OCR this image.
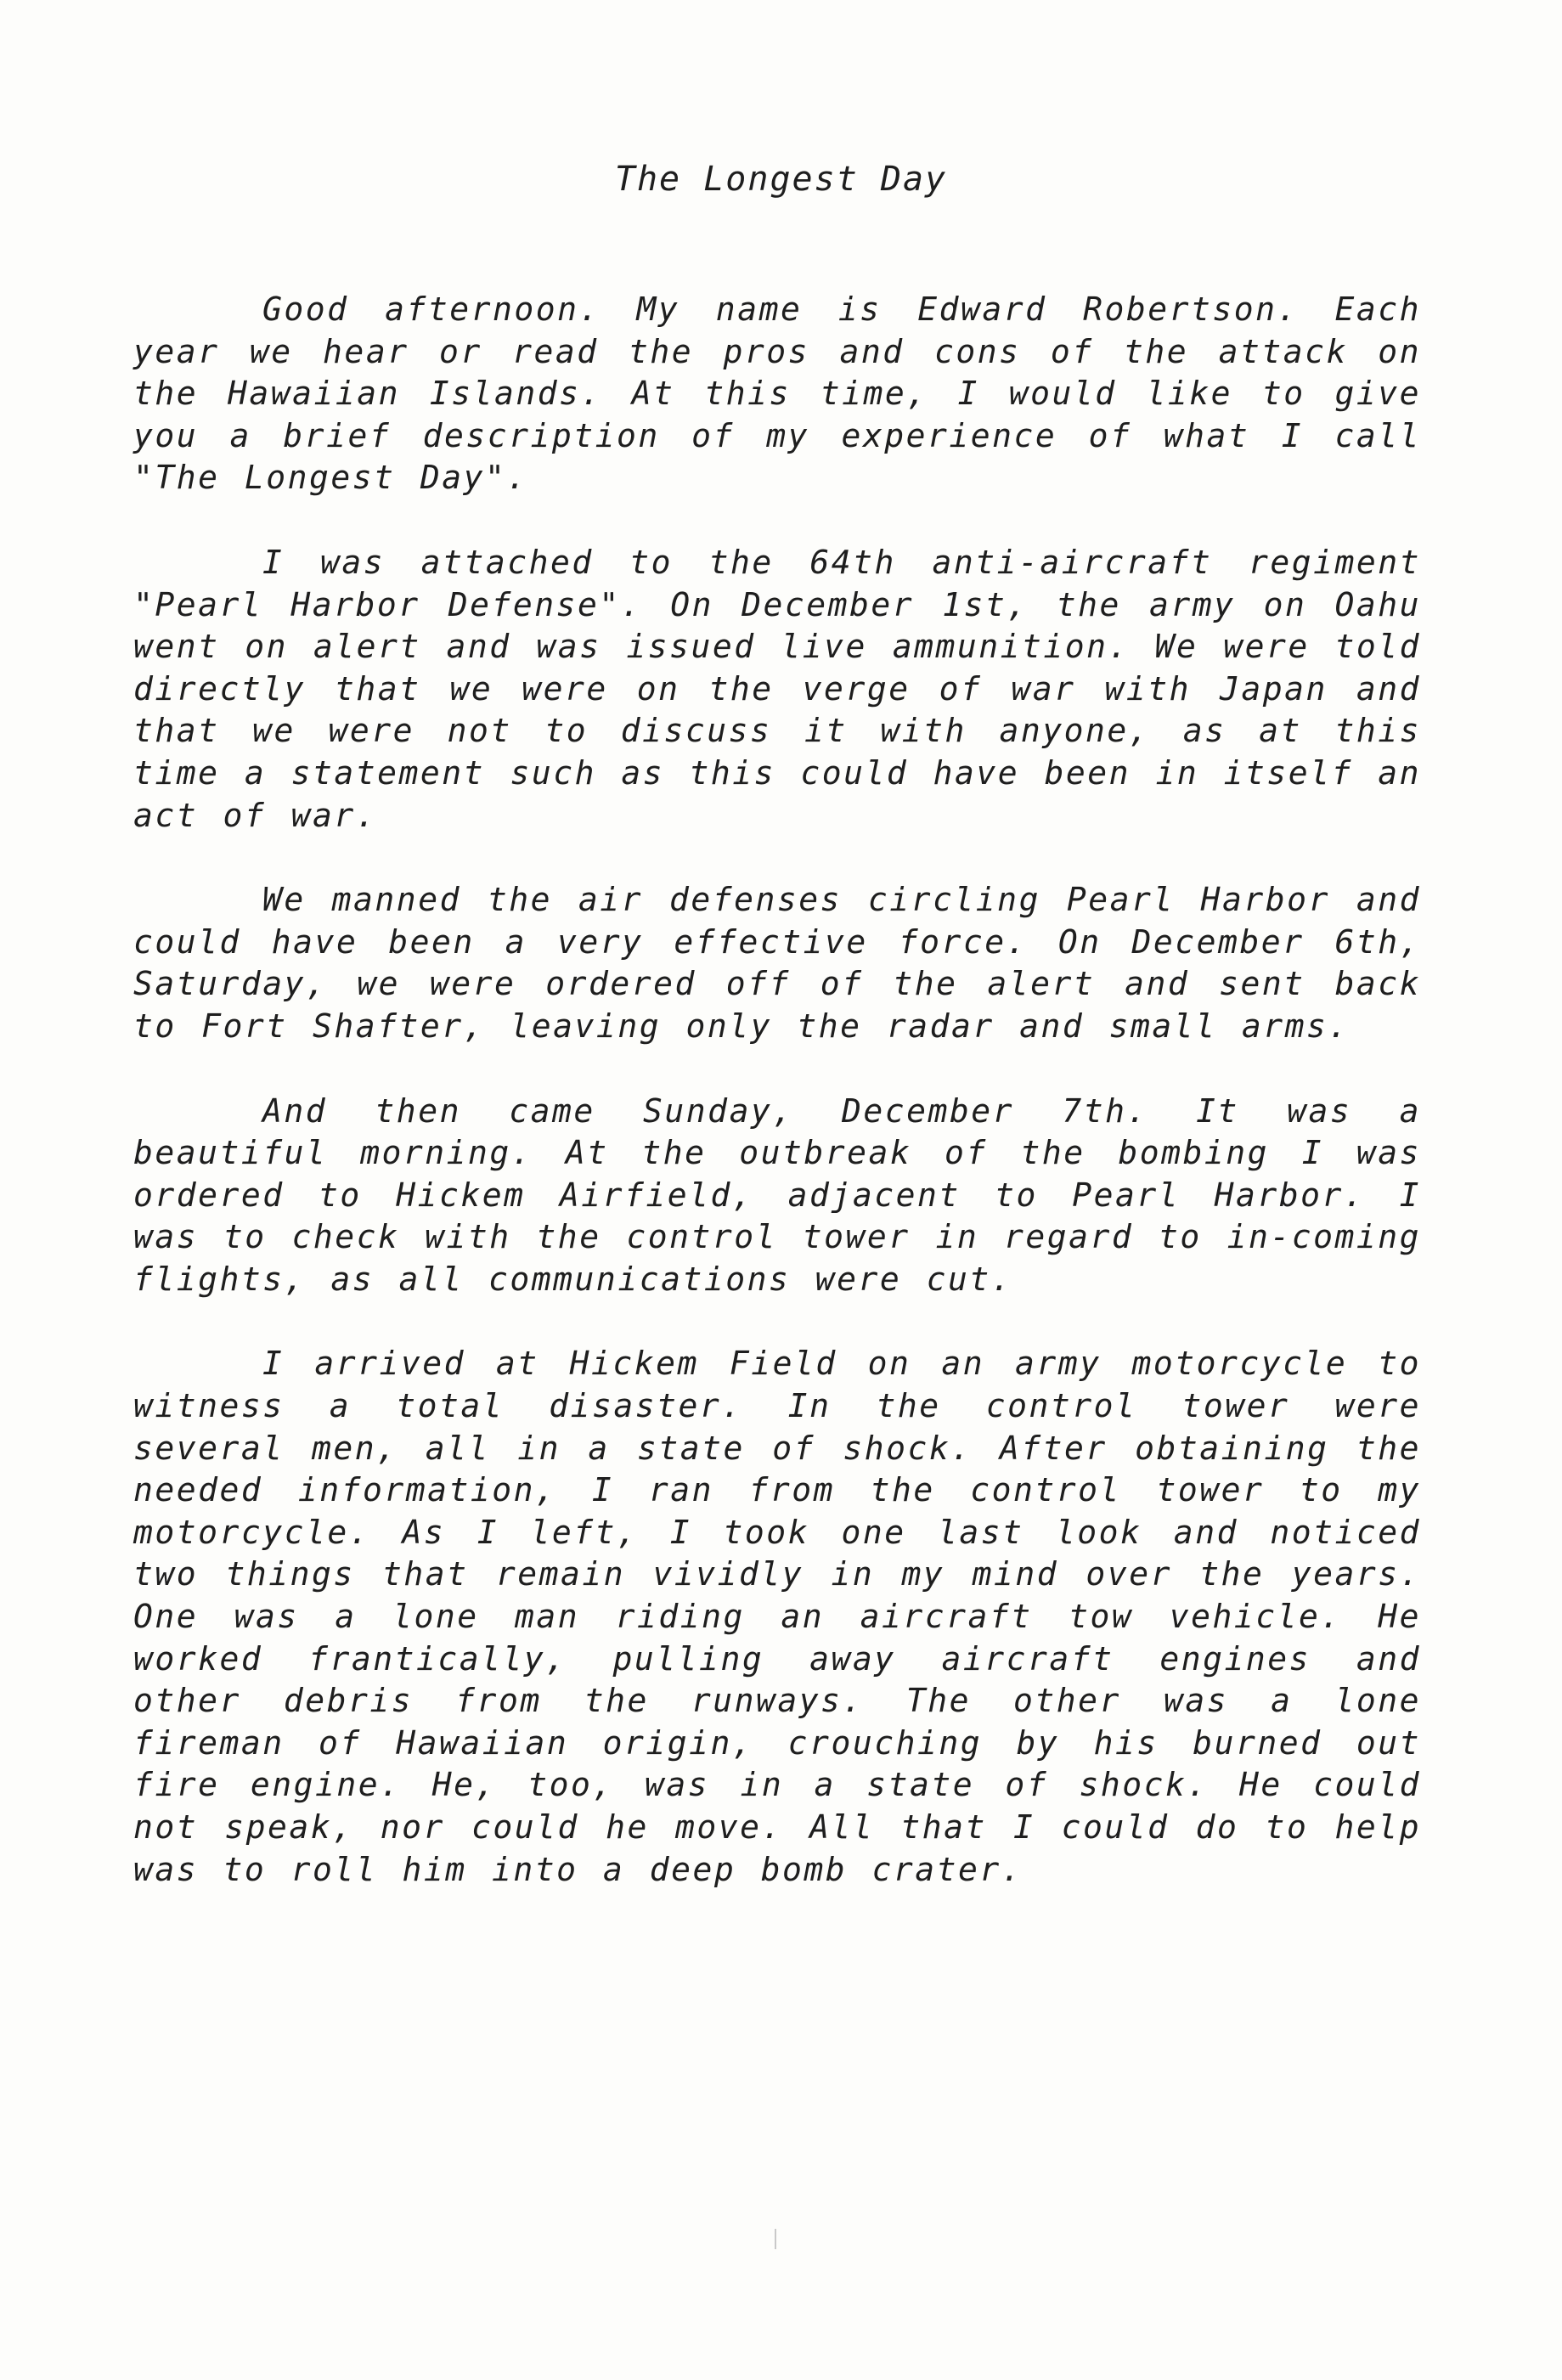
The Longest Day

Good afternoon. My name is Edward Robertson. Each year we hear or read the pros and cons of the attack on the Hawaiian Islands. At this time, I would like to give you a brief description of my experience of what I call "The Longest Day".

I was attached to the 64th anti-aircraft regiment "Pearl Harbor Defense". On December 1st, the army on Oahu went on alert and was issued live ammunition. We were told directly that we were on the verge of war with Japan and that we were not to discuss it with anyone, as at this time a statement such as this could have been in itself an act of war.

We manned the air defenses circling Pearl Harbor and could have been a very effective force. On December 6th, Saturday, we were ordered off of the alert and sent back to Fort Shafter, leaving only the radar and small arms.

And then came Sunday, December 7th. It was a beautiful morning. At the outbreak of the bombing I was ordered to Hickem Airfield, adjacent to Pearl Harbor. I was to check with the control tower in regard to in-coming flights, as all communications were cut.

I arrived at Hickem Field on an army motorcycle to witness a total disaster. In the control tower were several men, all in a state of shock. After obtaining the needed information, I ran from the control tower to my motorcycle. As I left, I took one last look and noticed two things that remain vividly in my mind over the years. One was a lone man riding an aircraft tow vehicle. He worked frantically, pulling away aircraft engines and other debris from the runways. The other was a lone fireman of Hawaiian origin, crouching by his burned out fire engine. He, too, was in a state of shock. He could not speak, nor could he move. All that I could do to help was to roll him into a deep bomb crater.
